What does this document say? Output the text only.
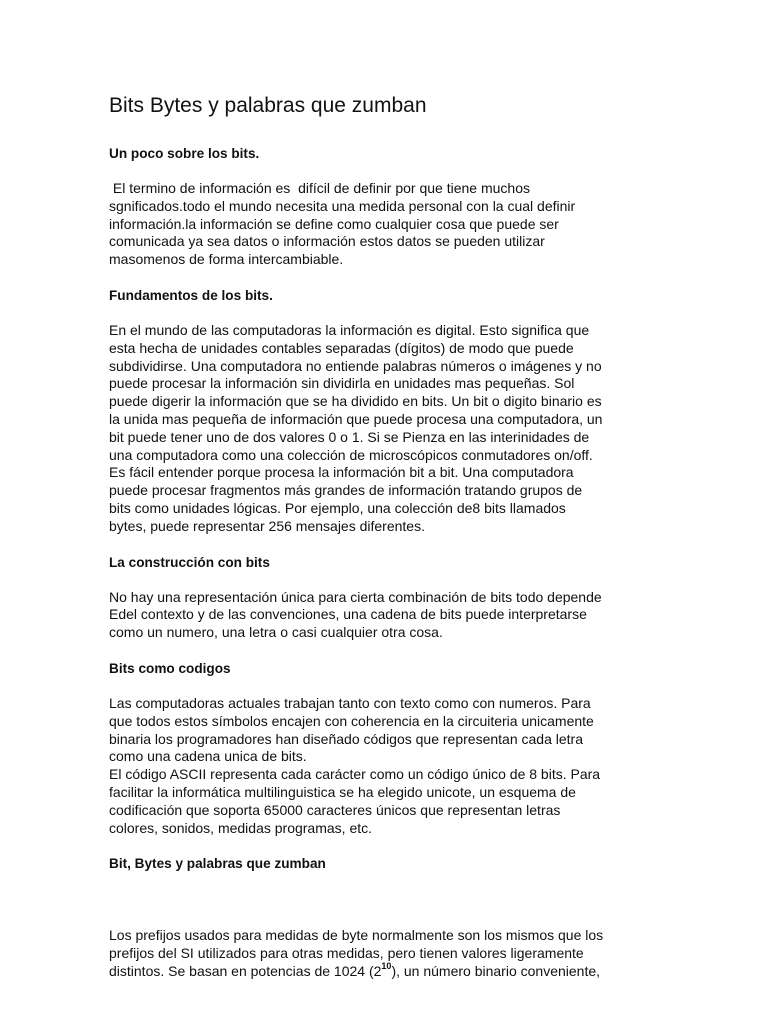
Bits Bytes y palabras que zumban
Un poco sobre los bits.
El termino de información es  difícil de definir por que tiene muchos
sgnificados.todo el mundo necesita una medida personal con la cual definir
información.la información se define como cualquier cosa que puede ser
comunicada ya sea datos o información estos datos se pueden utilizar
masomenos de forma intercambiable.
Fundamentos de los bits.
En el mundo de las computadoras la información es digital. Esto significa que
esta hecha de unidades contables separadas (dígitos) de modo que puede
subdividirse. Una computadora no entiende palabras números o imágenes y no
puede procesar la información sin dividirla en unidades mas pequeñas. Sol
puede digerir la información que se ha dividido en bits. Un bit o digito binario es
la unida mas pequeña de información que puede procesa una computadora, un
bit puede tener uno de dos valores 0 o 1. Si se Pienza en las interinidades de
una computadora como una colección de microscópicos conmutadores on/off.
Es fácil entender porque procesa la información bit a bit. Una computadora
puede procesar fragmentos más grandes de información tratando grupos de
bits como unidades lógicas. Por ejemplo, una colección de8 bits llamados
bytes, puede representar 256 mensajes diferentes.
La construcción con bits
No hay una representación única para cierta combinación de bits todo depende
Edel contexto y de las convenciones, una cadena de bits puede interpretarse
como un numero, una letra o casi cualquier otra cosa.
Bits como codigos
Las computadoras actuales trabajan tanto con texto como con numeros. Para
que todos estos símbolos encajen con coherencia en la circuiteria unicamente
binaria los programadores han diseñado códigos que representan cada letra
como una cadena unica de bits.
El código ASCII representa cada carácter como un código único de 8 bits. Para
facilitar la informática multilinguistica se ha elegido unicote, un esquema de
codificación que soporta 65000 caracteres únicos que representan letras
colores, sonidos, medidas programas, etc.
Bit, Bytes y palabras que zumban
Los prefijos usados para medidas de byte normalmente son los mismos que los
prefijos del SI utilizados para otras medidas, pero tienen valores ligeramente
distintos. Se basan en potencias de 1024 $(2^{10})$, un número binario conveniente,
